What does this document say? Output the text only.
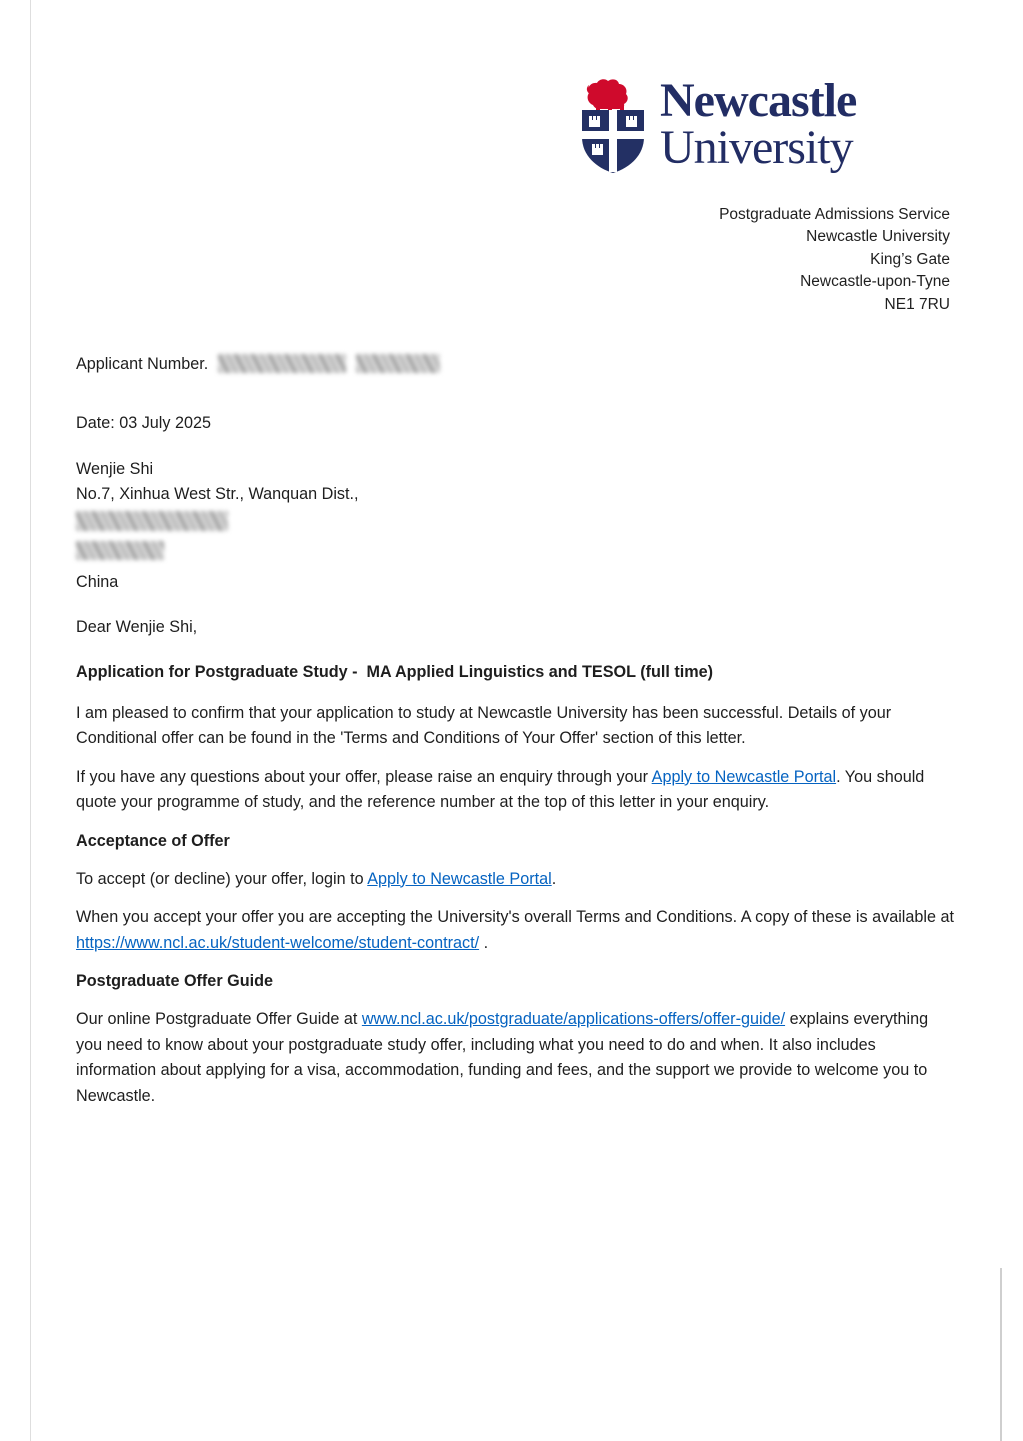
Newcastle
University
Postgraduate Admissions Service
Newcastle University
King’s Gate
Newcastle-upon-Tyne
NE1 7RU
Applicant Number.
Date: 03 July 2025
Wenjie Shi
No.7, Xinhua West Str., Wanquan Dist.,
China
Dear Wenjie Shi,
Application for Postgraduate Study -  MA Applied Linguistics and TESOL (full time)

I am pleased to confirm that your application to study at Newcastle University has been successful. Details of your Conditional offer can be found in the 'Terms and Conditions of Your Offer' section of this letter.

If you have any questions about your offer, please raise an enquiry through your Apply to Newcastle Portal. You should quote your programme of study, and the reference number at the top of this letter in your enquiry.

Acceptance of Offer

To accept (or decline) your offer, login to Apply to Newcastle Portal.

When you accept your offer you are accepting the University's overall Terms and Conditions. A copy of these is available at https://www.ncl.ac.uk/student-welcome/student-contract/ .

Postgraduate Offer Guide

Our online Postgraduate Offer Guide at www.ncl.ac.uk/postgraduate/applications-offers/offer-guide/ explains everything you need to know about your postgraduate study offer, including what you need to do and when. It also includes information about applying for a visa, accommodation, funding and fees, and the support we provide to welcome you to Newcastle.
